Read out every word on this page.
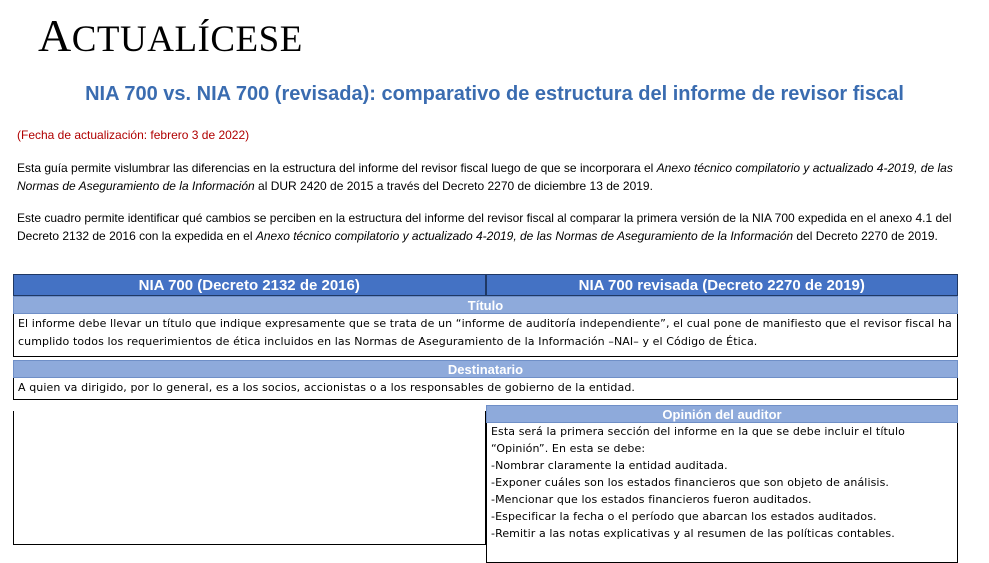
ACTUALÍCESE
NIA 700 vs. NIA 700 (revisada): comparativo de estructura del informe de revisor fiscal
(Fecha de actualización: febrero 3 de 2022)
Esta guía permite vislumbrar las diferencias en la estructura del informe del revisor fiscal luego de que se incorporara el Anexo técnico compilatorio y actualizado 4-2019, de las Normas de Aseguramiento de la Información al DUR 2420 de 2015 a través del Decreto 2270 de diciembre 13 de 2019.
Este cuadro permite identificar qué cambios se perciben en la estructura del informe del revisor fiscal al comparar la primera versión de la NIA 700 expedida en el anexo 4.1 del Decreto 2132 de 2016 con la expedida en el Anexo técnico compilatorio y actualizado 4-2019, de las Normas de Aseguramiento de la Información del Decreto 2270 de 2019.
NIA 700 (Decreto 2132 de 2016)	NIA 700 revisada (Decreto 2270 de 2019)
Título
El informe debe llevar un título que indique expresamente que se trata de un “informe de auditoría independiente”, el cual pone de manifiesto que el revisor fiscal ha cumplido todos los requerimientos de ética incluidos en las Normas de Aseguramiento de la Información –NAI– y el Código de Ética.
Destinatario
A quien va dirigido, por lo general, es a los socios, accionistas o a los responsables de gobierno de la entidad.
Opinión del auditor
Esta será la primera sección del informe en la que se debe incluir el título “Opinión”. En esta se debe:
-Nombrar claramente la entidad auditada.
-Exponer cuáles son los estados financieros que son objeto de análisis.
-Mencionar que los estados financieros fueron auditados.
-Especificar la fecha o el período que abarcan los estados auditados.
-Remitir a las notas explicativas y al resumen de las políticas contables.
